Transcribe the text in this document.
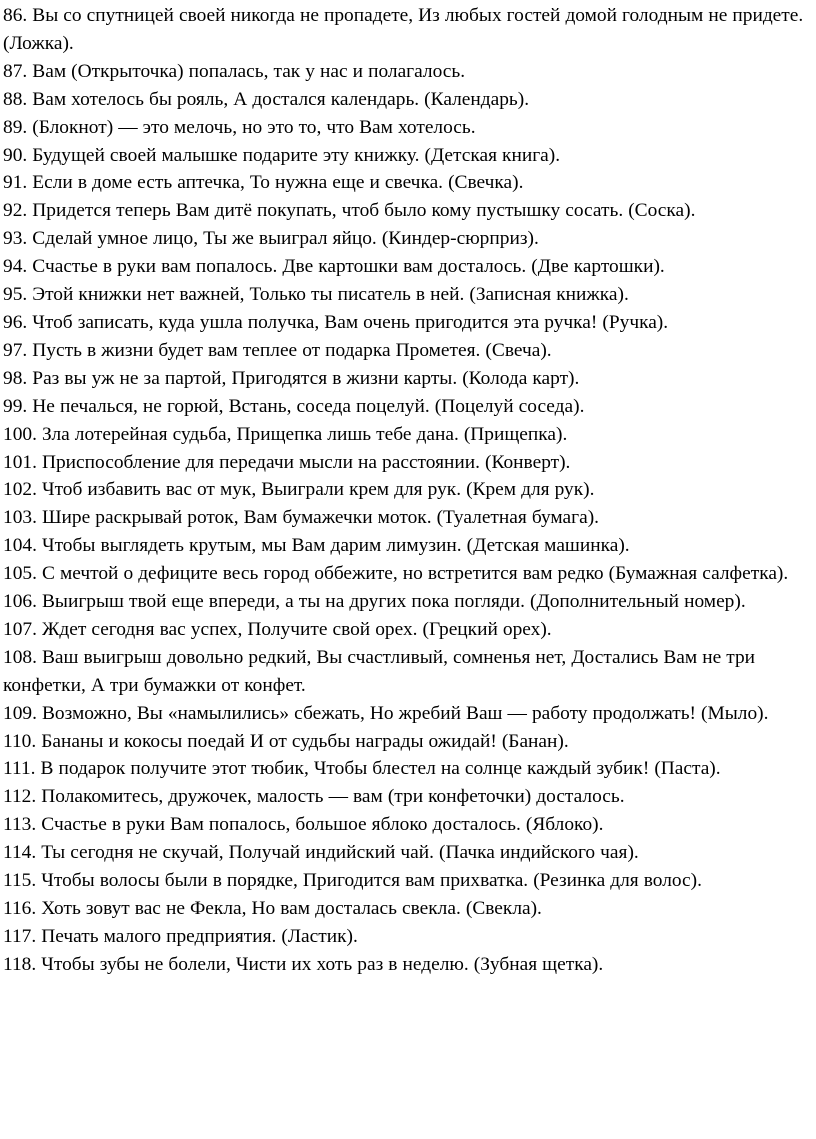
86. Вы со спутницей своей никогда не пропадете, Из любых гостей домой голодным не придете. (Ложка).

87. Вам (Открыточка) попалась, так у нас и полагалось.

88. Вам хотелось бы рояль, А достался календарь. (Календарь).

89. (Блокнот) — это мелочь, но это то, что Вам хотелось.

90. Будущей своей малышке подарите эту книжку. (Детская книга).

91. Если в доме есть аптечка, То нужна еще и свечка. (Свечка).

92. Придется теперь Вам дитё покупать, чтоб было кому пустышку сосать. (Соска).

93. Сделай умное лицо, Ты же выиграл яйцо. (Киндер-сюрприз).

94. Счастье в руки вам попалось. Две картошки вам досталось. (Две картошки).

95. Этой книжки нет важней, Только ты писатель в ней. (Записная книжка).

96. Чтоб записать, куда ушла получка, Вам очень пригодится эта ручка! (Ручка).

97. Пусть в жизни будет вам теплее от подарка Прометея. (Свеча).

98. Раз вы уж не за партой, Пригодятся в жизни карты. (Колода карт).

99. Не печалься, не горюй, Встань, соседа поцелуй. (Поцелуй соседа).

100. Зла лотерейная судьба, Прищепка лишь тебе дана. (Прищепка).

101. Приспособление для передачи мысли на расстоянии. (Конверт).

102. Чтоб избавить вас от мук, Выиграли крем для рук. (Крем для рук).

103. Шире раскрывай роток, Вам бумажечки моток. (Туалетная бумага).

104. Чтобы выглядеть крутым, мы Вам дарим лимузин. (Детская машинка).

105. С мечтой о дефиците весь город оббежите, но встретится вам редко (Бумажная салфетка).

106. Выигрыш твой еще впереди, а ты на других пока погляди. (Дополнительный номер).

107. Ждет сегодня вас успех, Получите свой орех. (Грецкий орех).

108. Ваш выигрыш довольно редкий, Вы счастливый, сомненья нет, Достались Вам не три конфетки, А три бумажки от конфет.

109. Возможно, Вы «намылились» сбежать, Но жребий Ваш — работу продолжать! (Мыло).

110. Бананы и кокосы поедай И от судьбы награды ожидай! (Банан).

111. В подарок получите этот тюбик, Чтобы блестел на солнце каждый зубик! (Паста).

112. Полакомитесь, дружочек, малость — вам (три конфеточки) досталось.

113. Счастье в руки Вам попалось, большое яблоко досталось. (Яблоко).

114. Ты сегодня не скучай, Получай индийский чай. (Пачка индийского чая).

115. Чтобы волосы были в порядке, Пригодится вам прихватка. (Резинка для волос).

116. Хоть зовут вас не Фекла, Но вам досталась свекла. (Свекла).

117. Печать малого предприятия. (Ластик).

118. Чтобы зубы не болели, Чисти их хоть раз в неделю. (Зубная щетка).
